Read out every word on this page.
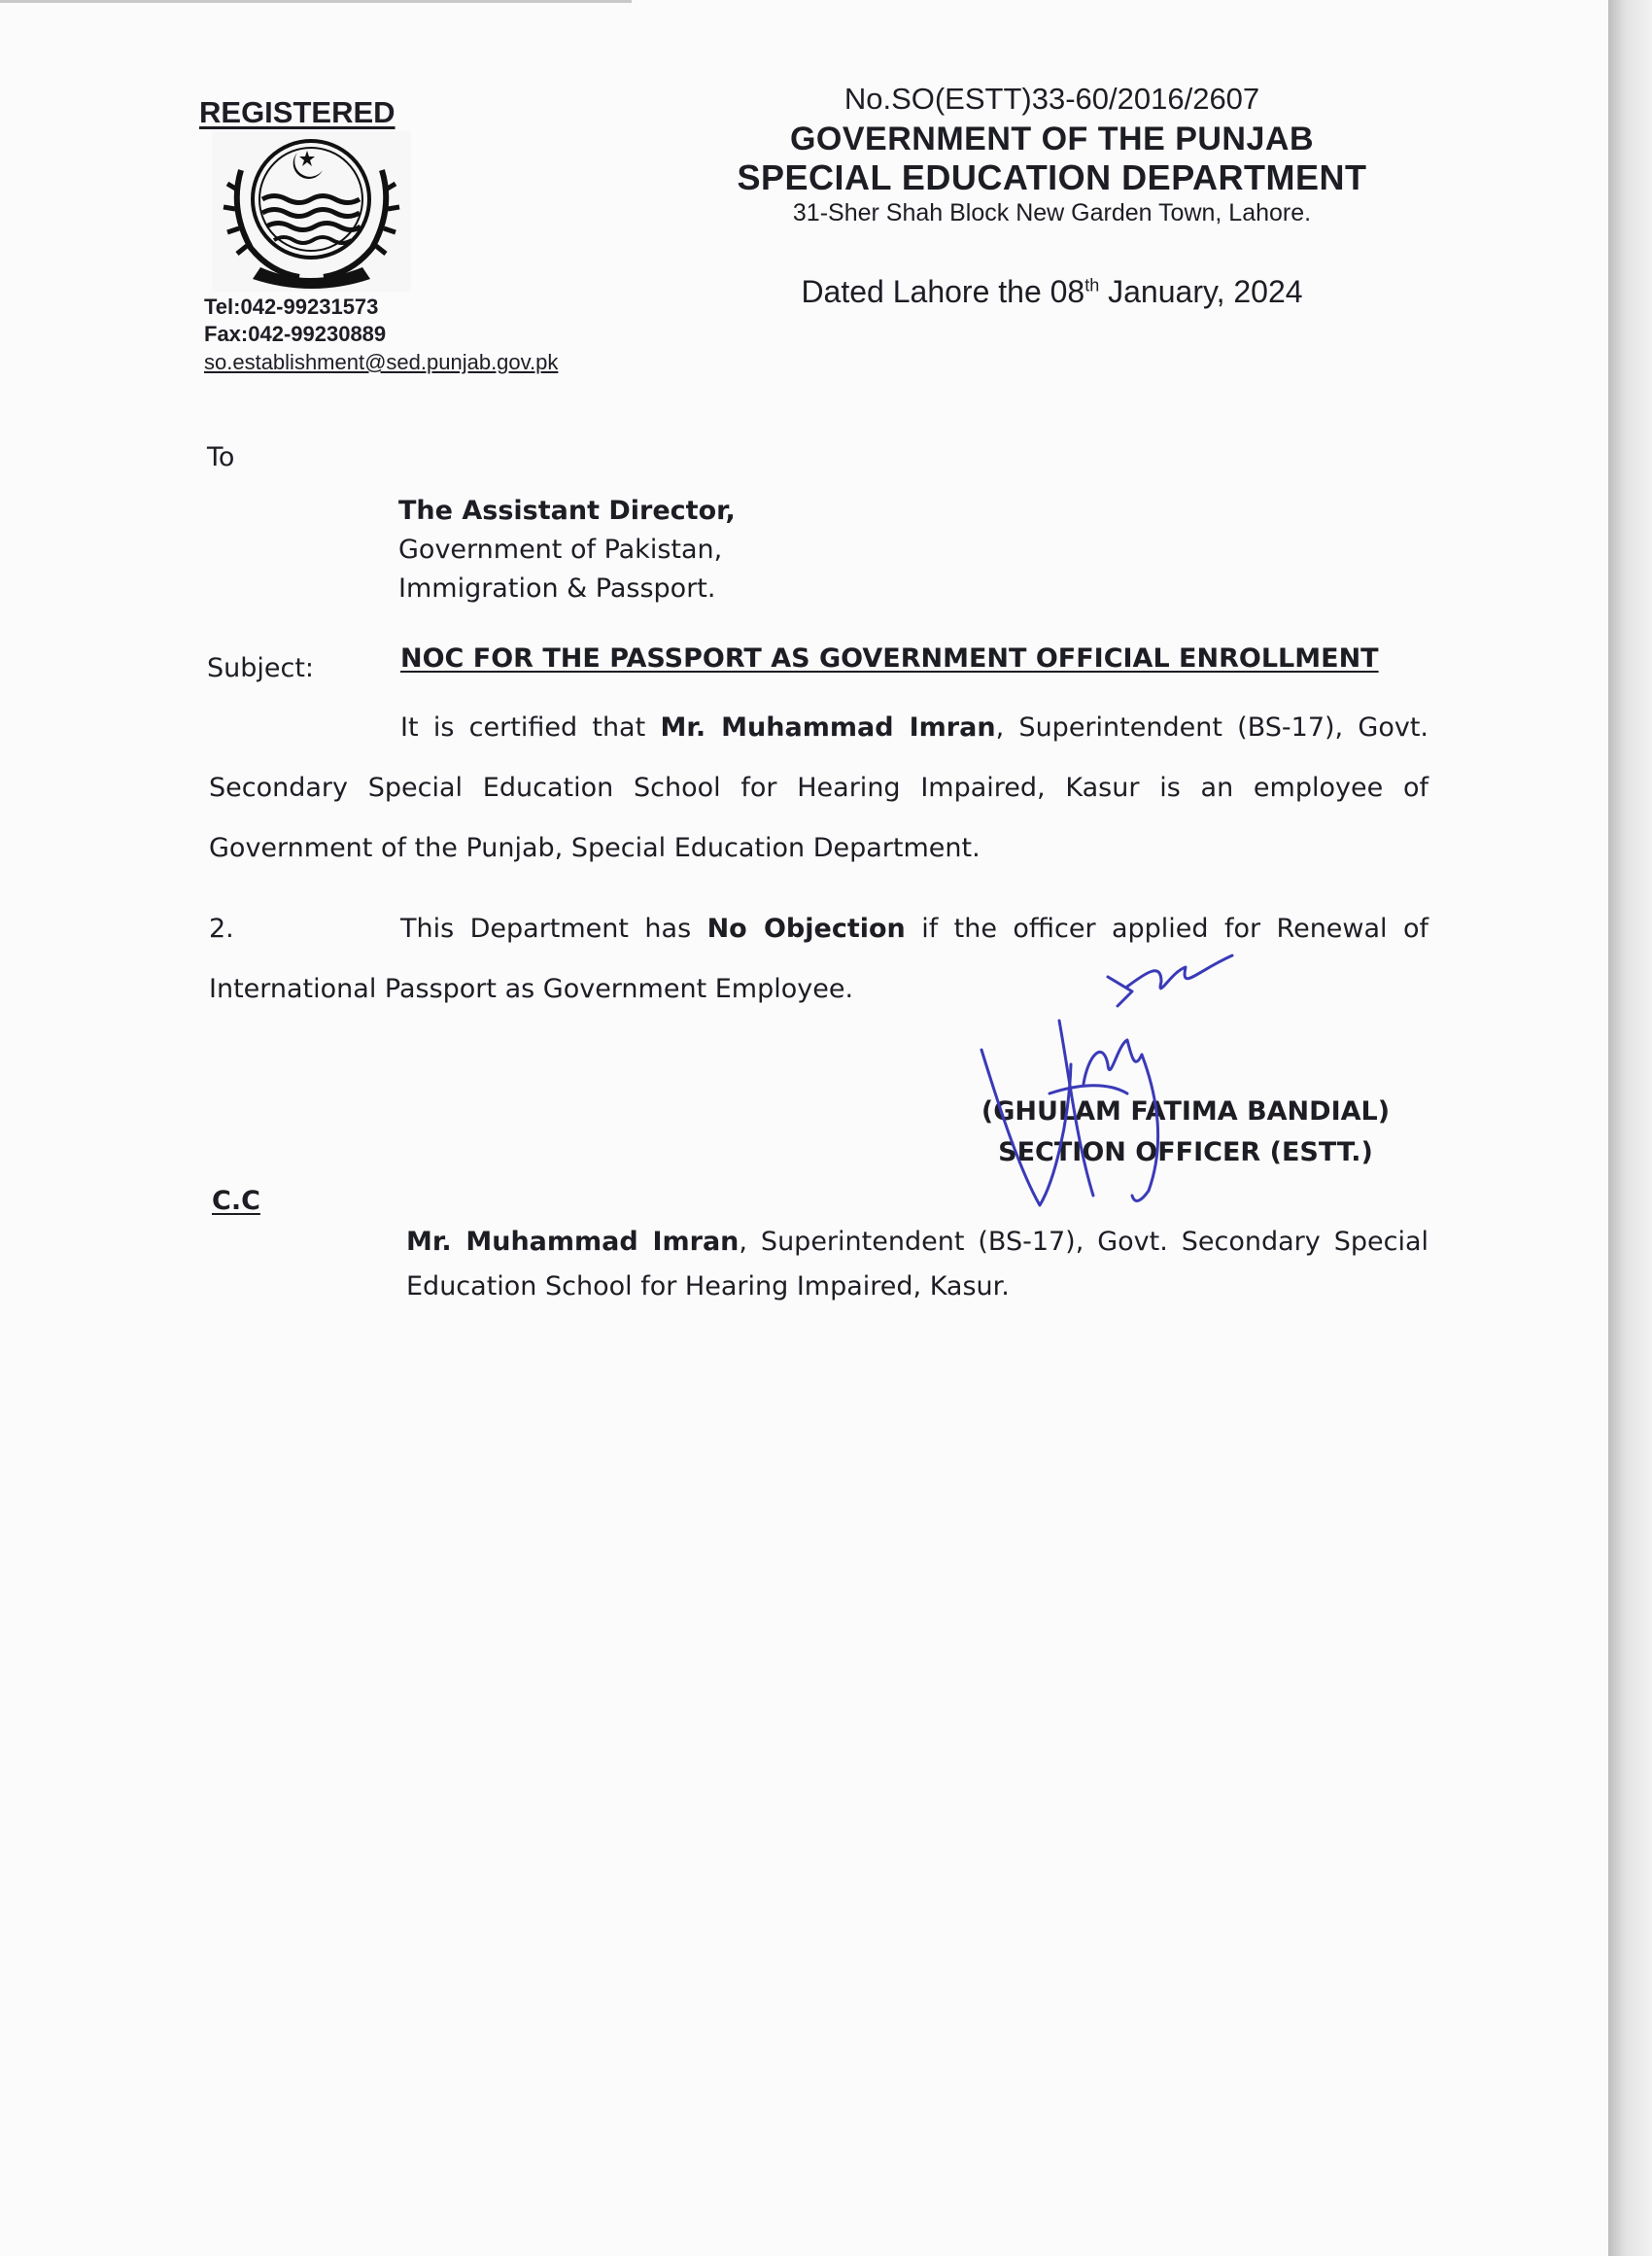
REGISTERED
Tel:042-99231573
Fax:042-99230889
so.establishment@sed.punjab.gov.pk
No.SO(ESTT)33-60/2016/2607
GOVERNMENT OF THE PUNJAB
SPECIAL EDUCATION DEPARTMENT
31-Sher Shah Block New Garden Town, Lahore.
Dated Lahore the 08th January, 2024
To
The Assistant Director,
Government of Pakistan,
Immigration & Passport.
Subject:	NOC FOR THE PASSPORT AS GOVERNMENT OFFICIAL ENROLLMENT
It is certified that Mr. Muhammad Imran, Superintendent (BS-17), Govt. Secondary Special Education School for Hearing Impaired, Kasur is an employee of Government of the Punjab, Special Education Department.
2.	This Department has No Objection if the officer applied for Renewal of International Passport as Government Employee.
(GHULAM FATIMA BANDIAL)
SECTION OFFICER (ESTT.)
C.C
Mr. Muhammad Imran, Superintendent (BS-17), Govt. Secondary Special Education School for Hearing Impaired, Kasur.
